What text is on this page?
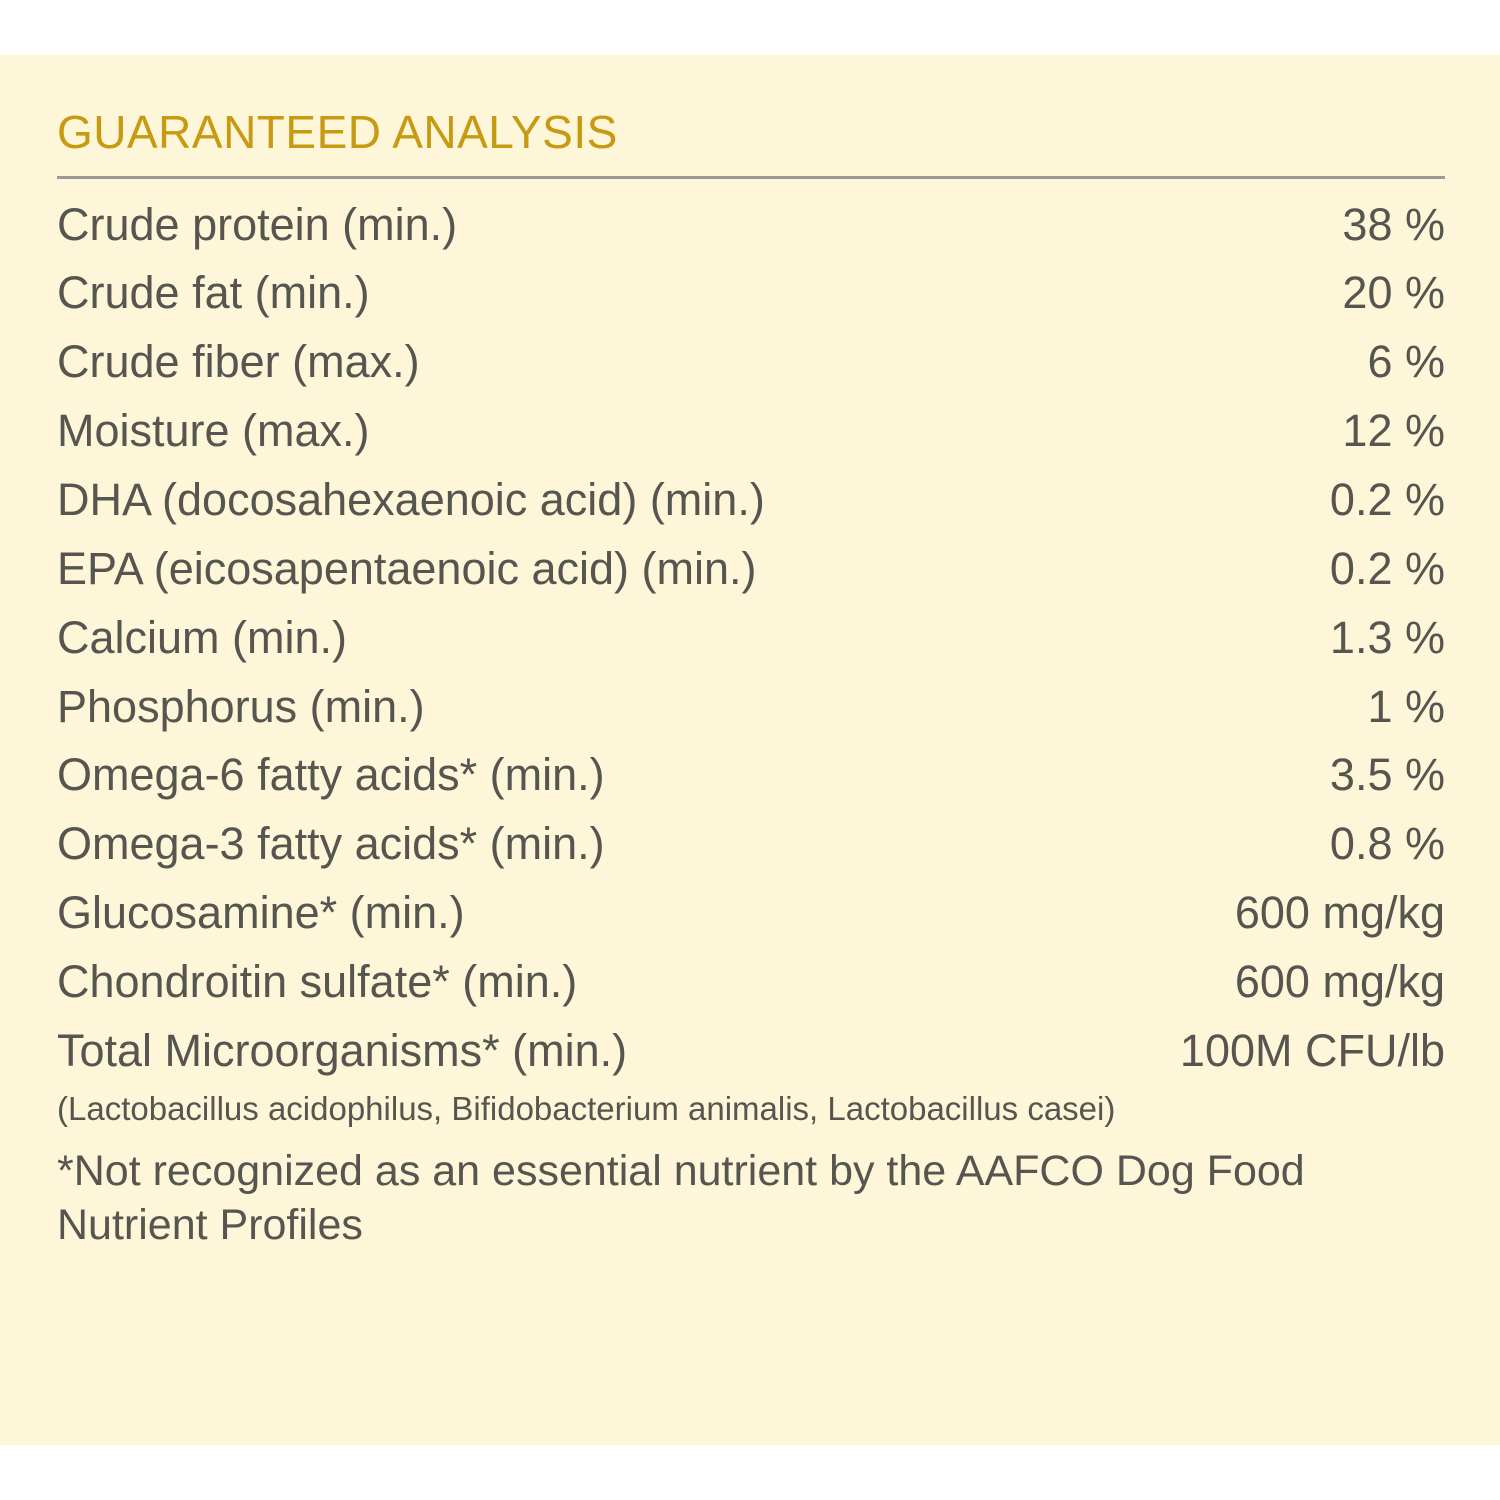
GUARANTEED ANALYSIS
Crude protein (min.)	38 %
Crude fat (min.)	20 %
Crude fiber (max.)	6 %
Moisture (max.)	12 %
DHA (docosahexaenoic acid) (min.)	0.2 %
EPA (eicosapentaenoic acid) (min.)	0.2 %
Calcium (min.)	1.3 %
Phosphorus (min.)	1 %
Omega-6 fatty acids* (min.)	3.5 %
Omega-3 fatty acids* (min.)	0.8 %
Glucosamine* (min.)	600 mg/kg
Chondroitin sulfate* (min.)	600 mg/kg
Total Microorganisms* (min.)	100M CFU/lb
(Lactobacillus acidophilus, Bifidobacterium animalis, Lactobacillus casei)
*Not recognized as an essential nutrient by the AAFCO Dog Food Nutrient Profiles
